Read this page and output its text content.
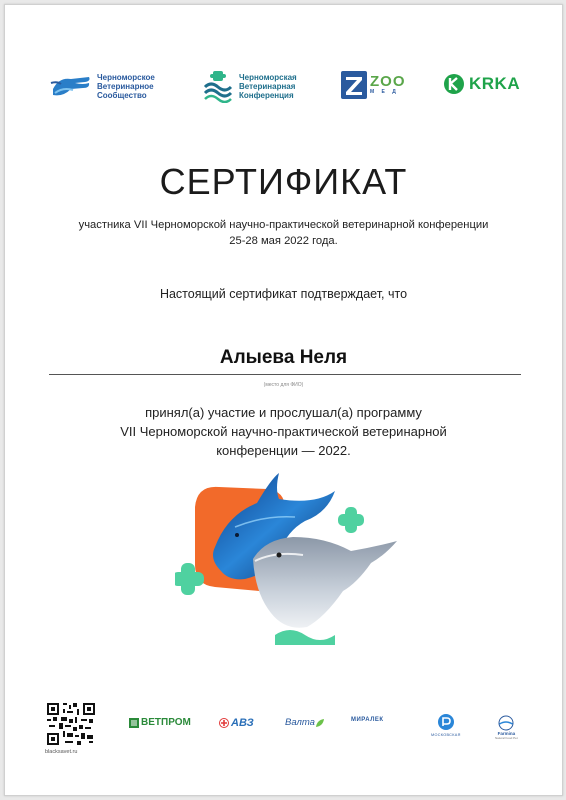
Черноморское
Ветеринарное
Сообщество
Черноморская
Ветеринарная
Конференция
ZOO
М Е Д	KRKA
СЕРТИФИКАТ
участника VII Черноморской научно-практической ветеринарной конференции
25-28 мая 2022 года.
Настоящий сертификат подтверждает, что
Алыева Неля
(место для ФИО)
принял(а) участие и прослушал(а) программу
VII Черноморской научно-практической ветеринарной
конференции — 2022.
blacksavet.ru
ВЕТПРОМ	АВЗ	Валта	МИРАЛЕК
МОСКОВСКАЯ	Farmina
Natural Food Pet
